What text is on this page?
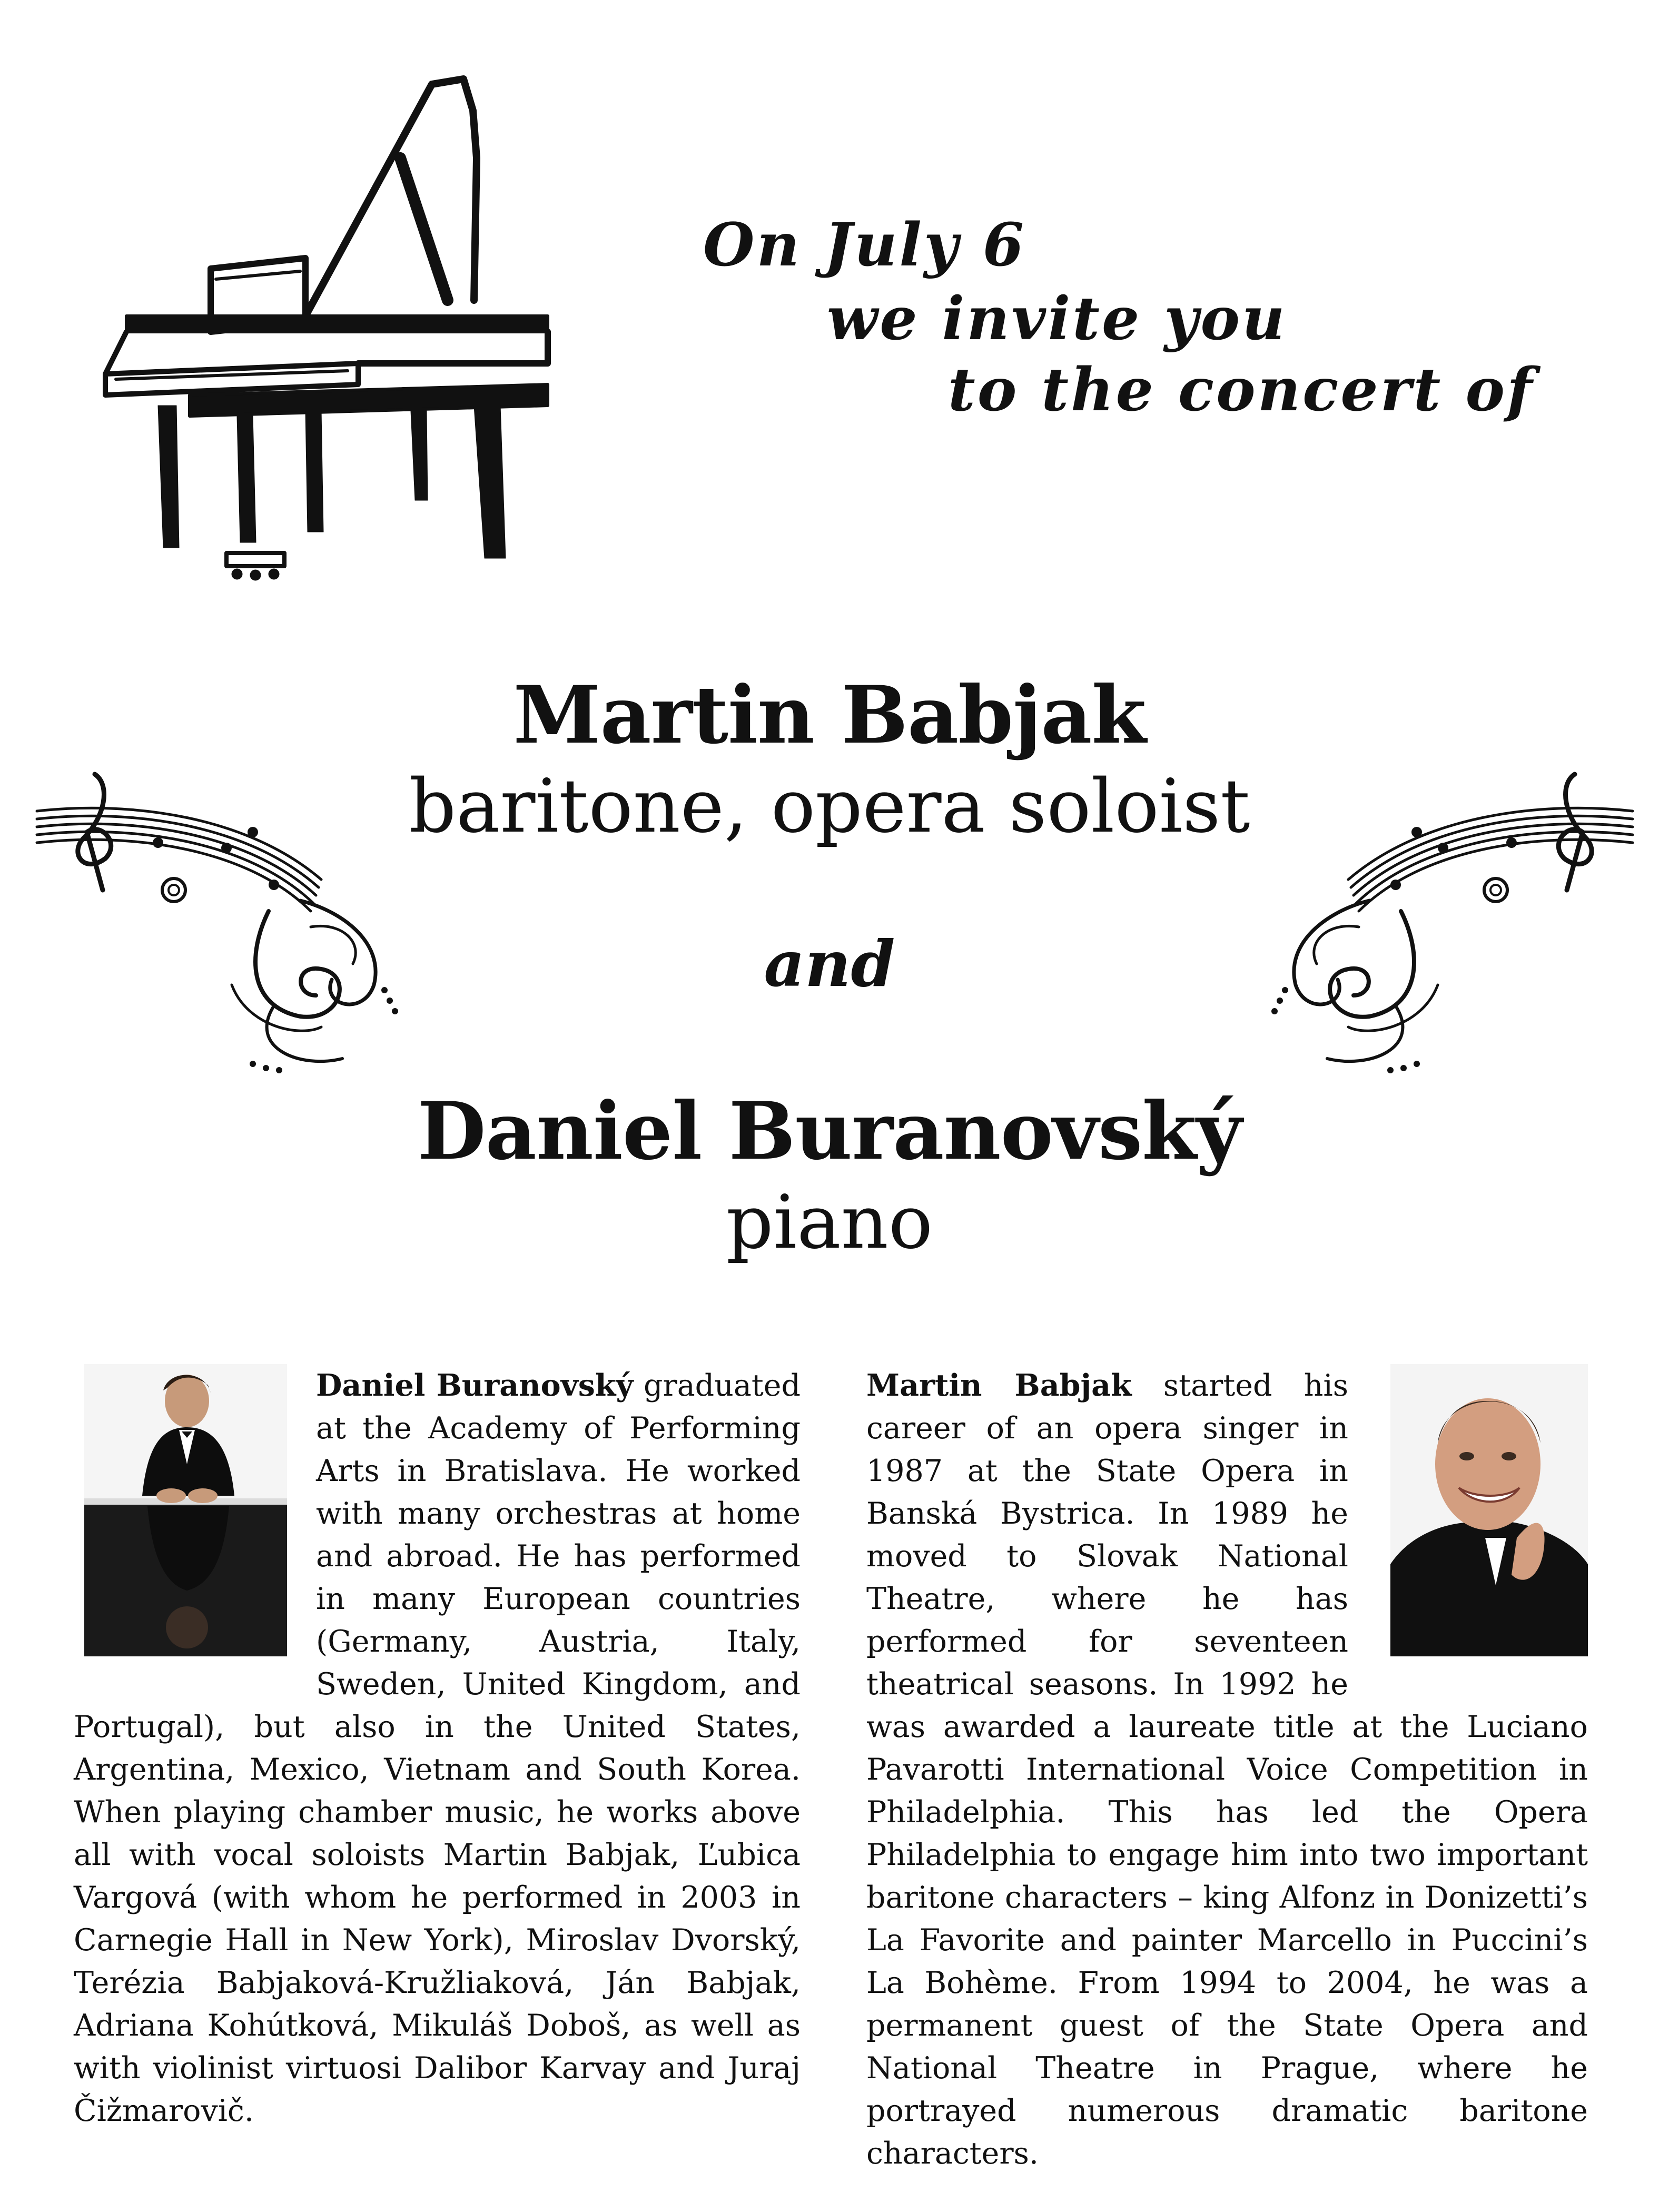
On July 6
we invite you
to the concert of
Martin Babjak
baritone, opera soloist
and
Daniel Buranovský
piano

Daniel Buranovský graduated at the Academy of Performing Arts in Bratislava. He worked with many orchestras at home and abroad. He has performed in many European countries (Germany, Austria, Italy, Sweden, United Kingdom, and Portugal), but also in the United States, Argentina, Mexico, Vietnam and South Korea. When playing chamber music, he works above all with vocal soloists Martin Babjak, Ľubica Vargová (with whom he performed in 2003 in Carnegie Hall in New York), Miroslav Dvorský, Terézia Babjaková-Kružliaková, Ján Babjak, Adriana Kohútková, Mikuláš Doboš, as well as with violinist virtuosi Dalibor Karvay and Juraj Čižmarovič.

Martin Babjak started his career of an opera singer in 1987 at the State Opera in Banská Bystrica. In 1989 he moved to Slovak National Theatre, where he has performed for seventeen theatrical seasons. In 1992 he was awarded a laureate title at the Luciano Pavarotti International Voice Competition in Philadelphia. This has led the Opera Philadelphia to engage him into two important baritone characters – king Alfonz in Donizetti’s La Favorite and painter Marcello in Puccini’s La Bohème. From 1994 to 2004, he was a permanent guest of the State Opera and National Theatre in Prague, where he portrayed numerous dramatic baritone characters.
